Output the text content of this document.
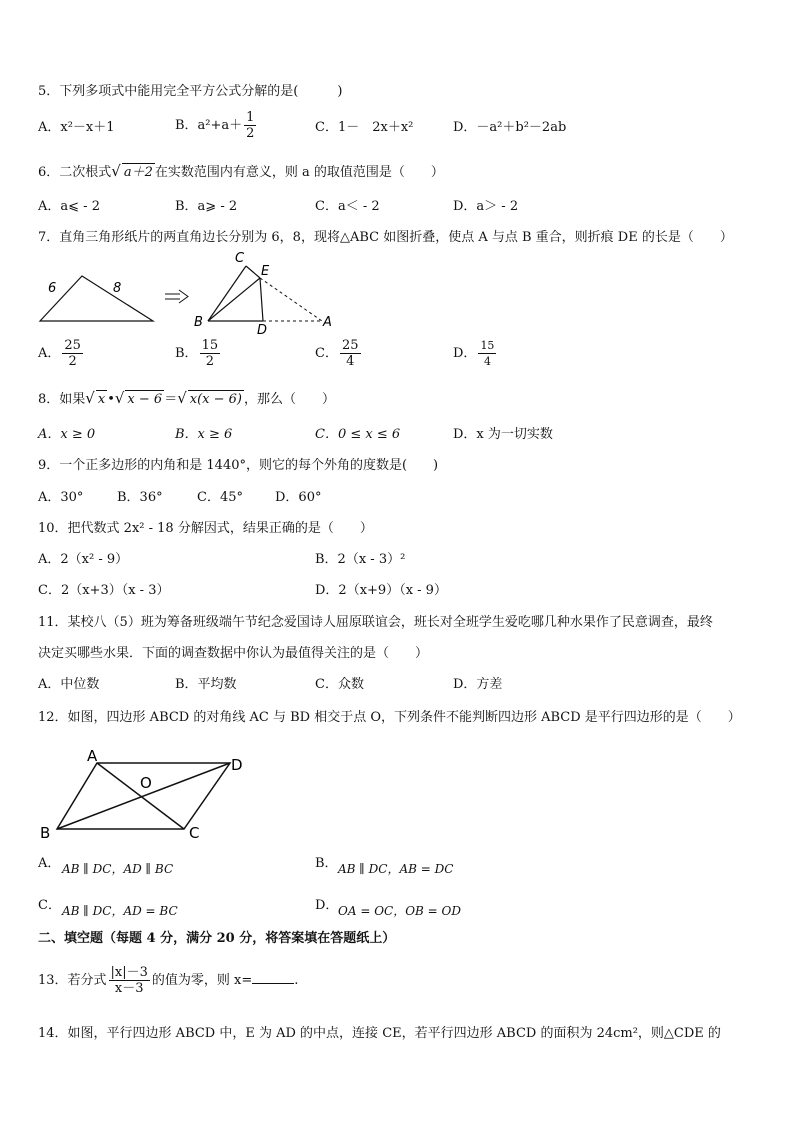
5．下列多项式中能用完全平方公式分解的是(　　　)
A．x²－x＋1	B．$a^2+a+ \frac{1}{2}$	C．1－　2x＋x²	D．－a²＋b²－2ab
6．二次根式√ a＋2 在实数范围内有意义，则 a 的取值范围是（　　）
A．a⩽ - 2	B．a⩾ - 2	C．a＜ - 2	D．a＞ - 2
7．直角三角形纸片的两直角边长分别为 6，8，现将△ABC 如图折叠，使点 A 与点 B 重合，则折痕 DE 的长是（　　）
6	8
C
E
B
D
A
A． $\frac{25}{2}$	B． $\frac{15}{2}$	C． $\frac{25}{4}$	D． $\frac{15}{4}$
8．如果√ x •√ x − 6 ＝√ x(x − 6) ，那么（　　）
A．x ≥ 0	B．x ≥ 6	C．0 ≤ x ≤ 6	D．x 为一切实数
9．一个正多边形的内角和是 1440°，则它的每个外角的度数是(　　)
A．30°	B．36°	C．45° D．60°
10．把代数式 2x² - 18 分解因式，结果正确的是（　　）
A．2（x² - 9）	B．2（x - 3）²
C．2（x+3）（x - 3）	D．2（x+9）（x - 9）
11．某校八（5）班为筹备班级端午节纪念爱国诗人屈原联谊会，班长对全班学生爱吃哪几种水果作了民意调查，最终
决定买哪些水果．下面的调查数据中你认为最值得关注的是（　　）
A．中位数	B．平均数	C．众数	D．方差
12．如图，四边形 ABCD 的对角线 AC 与 BD 相交于点 O，下列条件不能判断四边形 ABCD 是平行四边形的是（　　）
A	D
O
B	C
A． AB ∥ DC，AD ∥ BC	B． AB ∥ DC，AB = DC
C． AB ∥ DC，AD = BC	D． OA = OC，OB = OD
二、填空题（每题 4 分，满分 20 分，将答案填在答题纸上）
13．若分式 $\frac{|x|-3}{x-3}$ 的值为零，则 x=	.
14．如图，平行四边形 ABCD 中，E 为 AD 的中点，连接 CE，若平行四边形 ABCD 的面积为 24cm²，则△CDE 的
